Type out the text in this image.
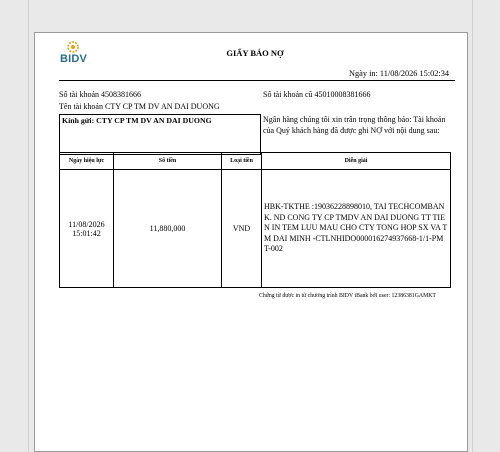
BIDV	GIẤY BÁO NỢ
Ngày in: 11/08/2026 15:02:34
Số tài khoản 4508381666	Số tài khoản cũ 45010008381666
Tên tài khoản CTY CP TM DV AN DAI DUONG
Kính gửi: CTY CP TM DV AN DAI DUONG	Ngân hàng chúng tôi xin trân trọng thông báo: Tài khoản của Quý khách hàng đã được ghi NỢ với nội dung sau:
Ngày hiệu lực	Số tiền	Loại tiền	Diễn giải

11/08/2026
15:01:42	11,880,000	VND	HBK-TKTHE :19036228898010, TAI TECHCOMBANK. ND CONG TY CP TMDV AN DAI DUONG TT TIEN IN TEM LUU MAU CHO CTY TONG HOP SX VA TM DAI MINH -CTLNHIDO000016274937668-1/1-PMT-002
Chứng từ được in từ chương trình BIDV iBank bởi user: 12386381GAMKT
